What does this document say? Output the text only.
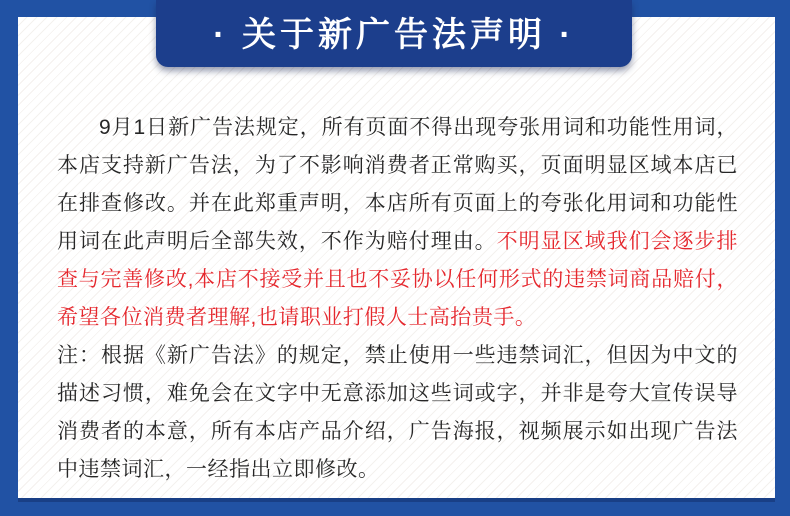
· 关于新广告法声明 ·

9月1日新广告法规定，所有页面不得出现夸张用词和功能性用词，本店支持新广告法，为了不影响消费者正常购买，页面明显区域本店已在排查修改。并在此郑重声明，本店所有页面上的夸张化用词和功能性用词在此声明后全部失效，不作为赔付理由。不明显区域我们会逐步排查与完善修改,本店不接受并且也不妥协以任何形式的违禁词商品赔付，希望各位消费者理解,也请职业打假人士高抬贵手。

注：根据《新广告法》的规定，禁止使用一些违禁词汇，但因为中文的描述习惯，难免会在文字中无意添加这些词或字，并非是夸大宣传误导消费者的本意，所有本店产品介绍，广告海报，视频展示如出现广告法中违禁词汇，一经指出立即修改。
